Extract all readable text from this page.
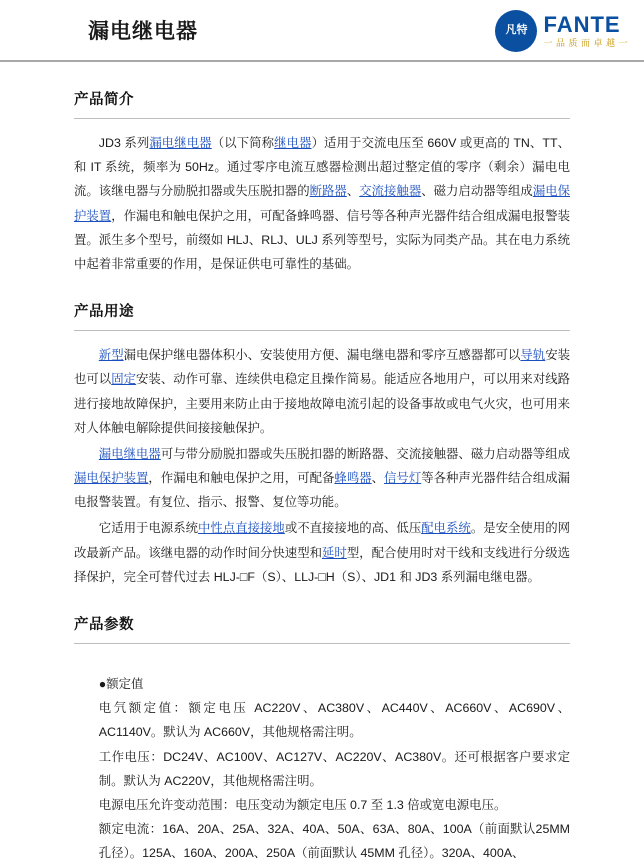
漏电继电器	凡特 FANTE
一 品 质 而 卓 越 一
产品简介

JD3 系列漏电继电器（以下简称继电器）适用于交流电压至 660V 或更高的 TN、TT、和 IT 系统，频率为 50Hz。通过零序电流互感器检测出超过整定值的零序（剩余）漏电电流。该继电器与分励脱扣器或失压脱扣器的断路器、交流接触器、磁力启动器等组成漏电保护装置，作漏电和触电保护之用，可配备蜂鸣器、信号等各种声光器件结合组成漏电报警装置。派生多个型号，前缀如 HLJ、RLJ、ULJ 系列等型号，实际为同类产品。其在电力系统中起着非常重要的作用，是保证供电可靠性的基础。

产品用途

新型漏电保护继电器体积小、安装使用方便、漏电继电器和零序互感器都可以导轨安装也可以固定安装、动作可靠、连续供电稳定且操作简易。能适应各地用户，可以用来对线路进行接地故障保护，主要用来防止由于接地故障电流引起的设备事故或电气火灾，也可用来对人体触电解除提供间接接触保护。

漏电继电器可与带分励脱扣器或失压脱扣器的断路器、交流接触器、磁力启动器等组成漏电保护装置，作漏电和触电保护之用，可配备蜂鸣器、信号灯等各种声光器件结合组成漏电报警装置。有复位、指示、报警、复位等功能。

它适用于电源系统中性点直接接地或不直接接地的高、低压配电系统。是安全使用的网改最新产品。该继电器的动作时间分快速型和延时型，配合使用时对干线和支线进行分级选择保护，完全可替代过去 HLJ-□F（S）、LLJ-□H（S）、JD1 和 JD3 系列漏电继电器。

产品参数

●额定值

电氕额定值：额定电压 AC220V、AC380V、AC440V、AC660V、AC690V、AC1140V。默认为 AC660V，其他规格需注明。

工作电压：DC24V、AC100V、AC127V、AC220V、AC380V。还可根据客户要求定制。默认为 AC220V，其他规格需注明。

电源电压允许变动范围：电压变动为额定电压 0.7 至 1.3 倍或宽电源电压。

额定电流：16A、20A、25A、32A、40A、50A、63A、80A、100A（前面默认25MM 孔径）。125A、160A、200A、250A（前面默认 45MM 孔径）。320A、400A、
